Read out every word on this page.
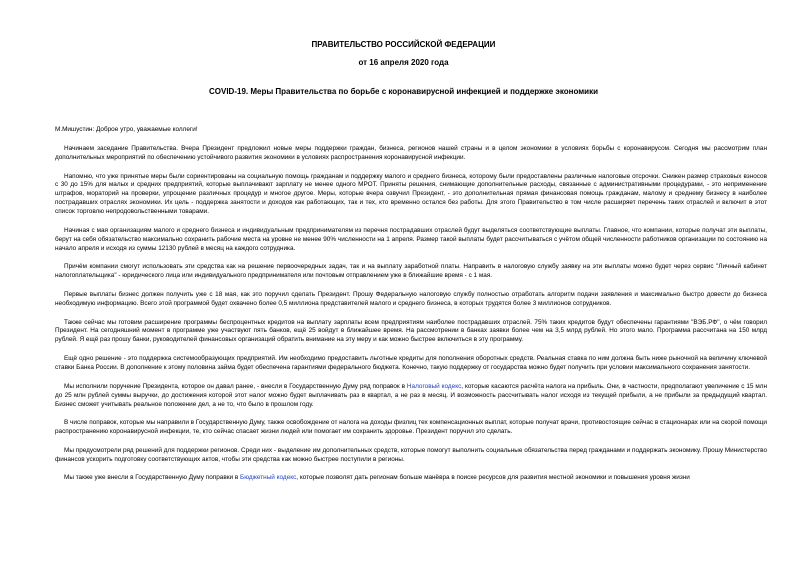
ПРАВИТЕЛЬСТВО РОССИЙСКОЙ ФЕДЕРАЦИИ
от 16 апреля 2020 года
COVID-19. Меры Правительства по борьбе с коронавирусной инфекцией и поддержке экономики

М.Мишустин: Доброе утро, уважаемые коллеги!

Начинаем заседание Правительства. Вчера Президент предложил новые меры поддержки граждан, бизнеса, регионов нашей страны и в целом экономики в условиях борьбы с коронавирусом. Сегодня мы рассмотрим план дополнительных мероприятий по обеспечению устойчивого развития экономики в условиях распространения коронавирусной инфекции.

Напомню, что уже принятые меры были сориентированы на социальную помощь гражданам и поддержку малого и среднего бизнеса, которому были предоставлены различные налоговые отсрочки. Снижен размер страховых взносов с 30 до 15% для малых и средних предприятий, которые выплачивают зарплату не менее одного МРОТ. Приняты решения, снимающие дополнительные расходы, связанные с административными процедурами, - это неприменение штрафов, мораторий на проверки, упрощение различных процедур и многое другое. Меры, которые вчера озвучил Президент, - это дополнительная прямая финансовая помощь гражданам, малому и среднему бизнесу в наиболее пострадавших отраслях экономики. Их цель - поддержка занятости и доходов как работающих, так и тех, кто временно остался без работы. Для этого Правительство в том числе расширяет перечень таких отраслей и включит в этот список торговлю непродовольственными товарами.

Начиная с мая организациям малого и среднего бизнеса и индивидуальным предпринимателям из перечня пострадавших отраслей будут выделяться соответствующие выплаты. Главное, что компании, которые получат эти выплаты, берут на себя обязательство максимально сохранить рабочие места на уровне не менее 90% численности на 1 апреля. Размер такой выплаты будет рассчитываться с учётом общей численности работников организации по состоянию на начало апреля и исходя из суммы 12130 рублей в месяц на каждого сотрудника.

Причём компании смогут использовать эти средства как на решение первоочередных задач, так и на выплату заработной платы. Направить в налоговую службу заявку на эти выплаты можно будет через сервис "Личный кабинет налогоплательщика" - юридического лица или индивидуального предпринимателя или почтовым отправлением уже в ближайшие время - с 1 мая.

Первые выплаты бизнес должен получить уже с 18 мая, как это поручил сделать Президент. Прошу Федеральную налоговую службу полностью отработать алгоритм подачи заявления и максимально быстро довести до бизнеса необходимую информацию. Всего этой программой будет охвачено более 0,5 миллиона представителей малого и среднего бизнеса, в которых трудятся более 3 миллионов сотрудников.

Также сейчас мы готовим расширение программы беспроцентных кредитов на выплату зарплаты всем предприятиям наиболее пострадавших отраслей. 75% таких кредитов будут обеспечены гарантиями "ВЭБ.РФ", о чём говорил Президент. На сегодняшний момент в программе уже участвуют пять банков, ещё 25 войдут в ближайшее время. На рассмотрении в банках заявки более чем на 3,5 млрд рублей. Но этого мало. Программа рассчитана на 150 млрд рублей. Я ещё раз прошу банки, руководителей финансовых организаций обратить внимание на эту меру и как можно быстрее включиться в эту программу.

Ещё одно решение - это поддержка системообразующих предприятий. Им необходимо предоставить льготные кредиты для пополнения оборотных средств. Реальная ставка по ним должна быть ниже рыночной на величину ключевой ставки Банка России. В дополнение к этому половина займа будет обеспечена гарантиями федерального бюджета. Конечно, такую поддержку от государства можно будет получить при условии максимального сохранения занятости.

Мы исполнили поручение Президента, которое он давал ранее, - внесли в Государственную Думу ряд поправок в Налоговый кодекс, которые касаются расчёта налога на прибыль. Они, в частности, предполагают увеличение с 15 млн до 25 млн рублей суммы выручки, до достижения которой этот налог можно будет выплачивать раз в квартал, а не раз в месяц. И возможность рассчитывать налог исходя из текущей прибыли, а не прибыли за предыдущий квартал. Бизнес сможет учитывать реальное положение дел, а не то, что было в прошлом году.

В числе поправок, которые мы направили в Государственную Думу, также освобождение от налога на доходы физлиц тех компенсационных выплат, которые получат врачи, противостоящие сейчас в стационарах или на скорой помощи распространению коронавирусной инфекции, те, кто сейчас спасает жизни людей или помогает им сохранить здоровье. Президент поручил это сделать.

Мы предусмотрели ряд решений для поддержки регионов. Среди них - выделение им дополнительных средств, которые помогут выполнить социальные обязательства перед гражданами и поддержать экономику. Прошу Министерство финансов ускорить подготовку соответствующих актов, чтобы эти средства как можно быстрее поступили в регионы.

Мы также уже внесли в Государственную Думу поправки в Бюджетный кодекс, которые позволят дать регионам больше манёвра в поиске ресурсов для развития местной экономики и повышения уровня жизни
